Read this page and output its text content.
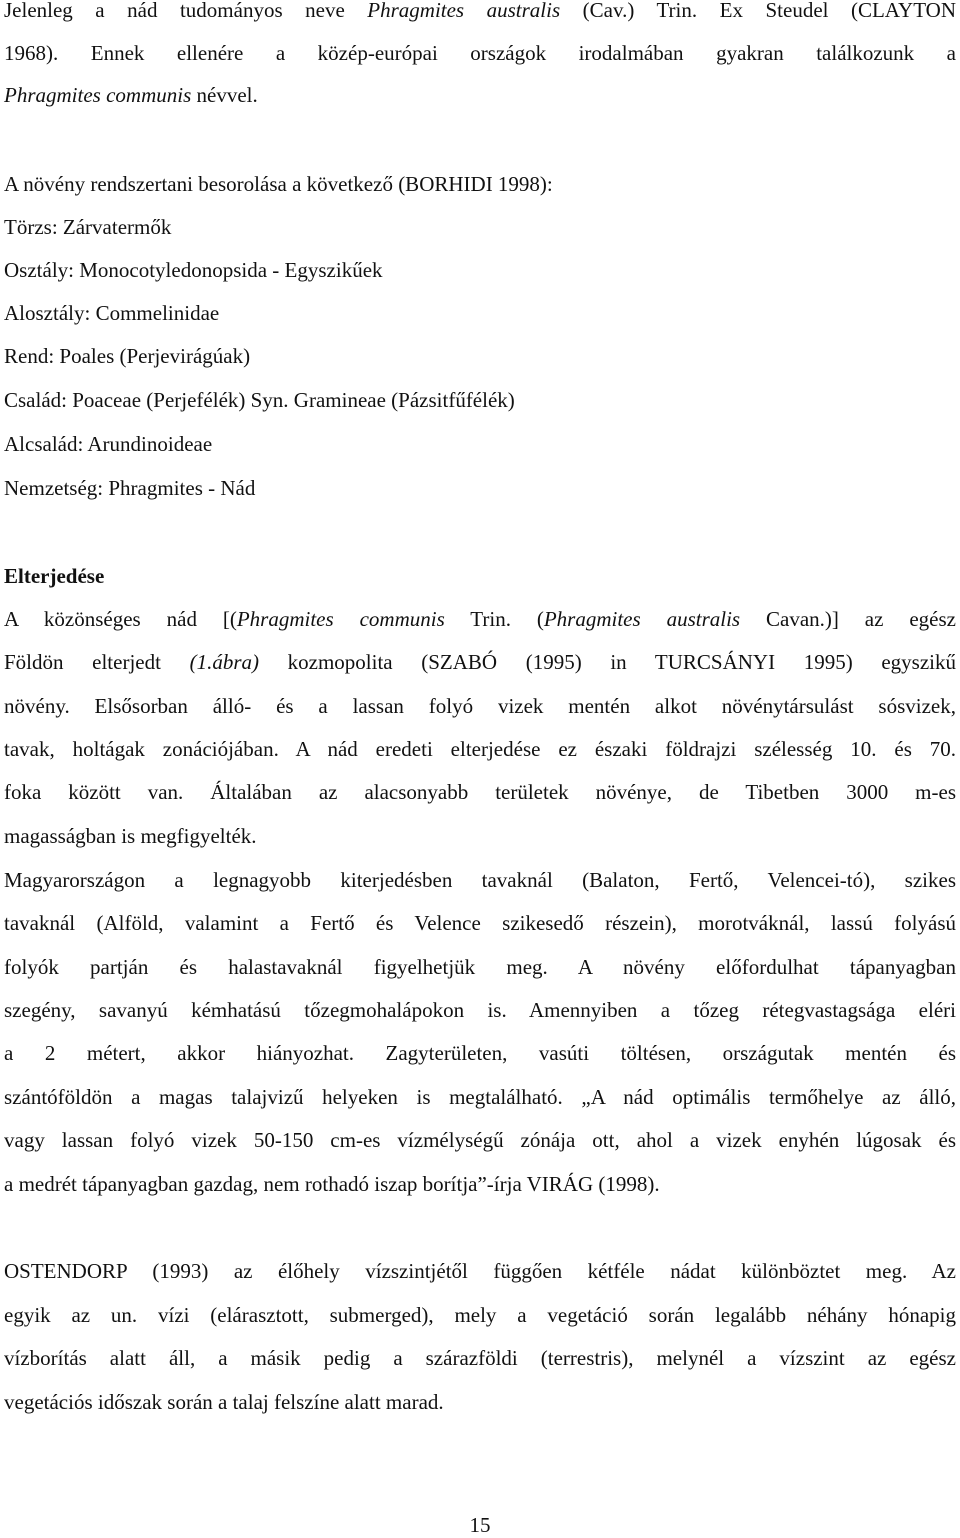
Jelenleg a nád tudományos neve Phragmites australis (Cav.) Trin. Ex Steudel (CLAYTON
1968). Ennek ellenére a közép-európai országok irodalmában gyakran találkozunk a
Phragmites communis névvel.
A növény rendszertani besorolása a következő (BORHIDI 1998):
Törzs: Zárvatermők
Osztály: Monocotyledonopsida - Egyszikűek
Alosztály: Commelinidae
Rend: Poales (Perjevirágúak)
Család: Poaceae (Perjefélék) Syn. Gramineae (Pázsitfűfélék)
Alcsalád: Arundinoideae
Nemzetség: Phragmites - Nád
Elterjedése
A közönséges nád [(Phragmites communis Trin. (Phragmites australis Cavan.)] az egész
Földön elterjedt (1.ábra) kozmopolita (SZABÓ (1995) in TURCSÁNYI 1995) egyszikű
növény. Elsősorban álló- és a lassan folyó vizek mentén alkot növénytársulást sósvizek,
tavak, holtágak zonációjában. A nád eredeti elterjedése ez északi földrajzi szélesség 10. és 70.
foka között van. Általában az alacsonyabb területek növénye, de Tibetben 3000 m-es
magasságban is megfigyelték.
Magyarországon a legnagyobb kiterjedésben tavaknál (Balaton, Fertő, Velencei-tó), szikes
tavaknál (Alföld, valamint a Fertő és Velence szikesedő részein), morotváknál, lassú folyású
folyók partján és halastavaknál figyelhetjük meg. A növény előfordulhat tápanyagban
szegény, savanyú kémhatású tőzegmohalápokon is. Amennyiben a tőzeg rétegvastagsága eléri
a 2 métert, akkor hiányozhat. Zagyterületen, vasúti töltésen, országutak mentén és
szántóföldön a magas talajvizű helyeken is megtalálható. „A nád optimális termőhelye az álló,
vagy lassan folyó vizek 50-150 cm-es vízmélységű zónája ott, ahol a vizek enyhén lúgosak és
a medrét tápanyagban gazdag, nem rothadó iszap borítja”-írja VIRÁG (1998).
OSTENDORP (1993) az élőhely vízszintjétől függően kétféle nádat különböztet meg. Az
egyik az un. vízi (elárasztott, submerged), mely a vegetáció során legalább néhány hónapig
vízborítás alatt áll, a másik pedig a szárazföldi (terrestris), melynél a vízszint az egész
vegetációs időszak során a talaj felszíne alatt marad.
15
